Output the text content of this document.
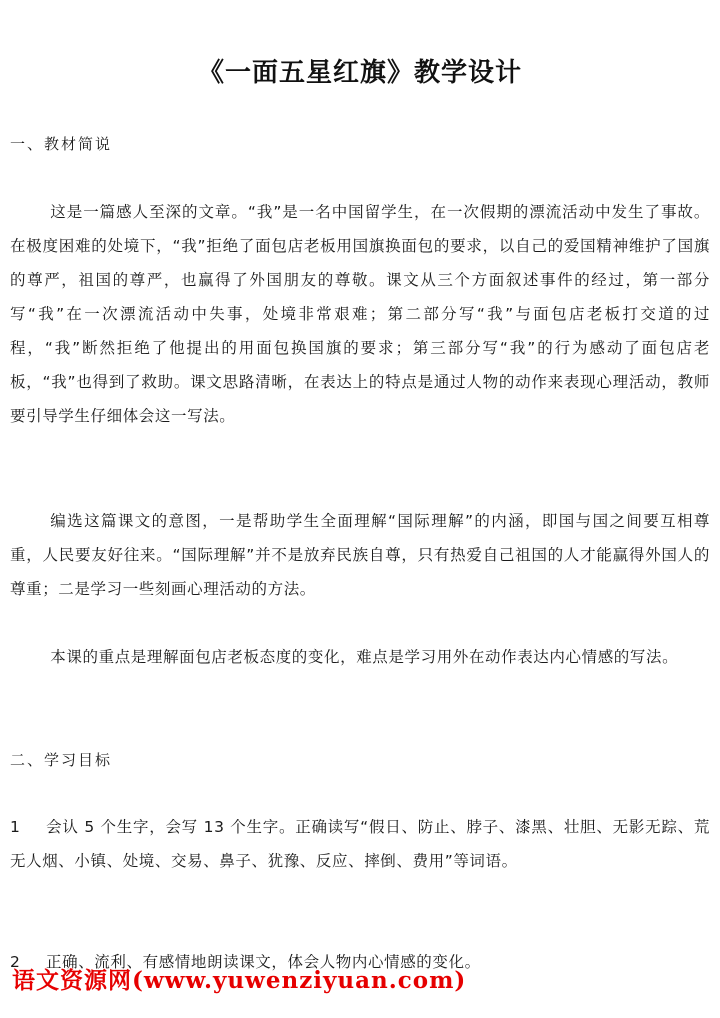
《一面五星红旗》教学设计
一、教材简说
这是一篇感人至深的文章。“我”是一名中国留学生，在一次假期的漂流活动中发生了事故。在极度困难的处境下，“我”拒绝了面包店老板用国旗换面包的要求，以自己的爱国精神维护了国旗的尊严，祖国的尊严，也赢得了外国朋友的尊敬。课文从三个方面叙述事件的经过，第一部分写“我”在一次漂流活动中失事，处境非常艰难；第二部分写“我”与面包店老板打交道的过程，“我”断然拒绝了他提出的用面包换国旗的要求；第三部分写“我”的行为感动了面包店老板，“我”也得到了救助。课文思路清晰，在表达上的特点是通过人物的动作来表现心理活动，教师要引导学生仔细体会这一写法。
编选这篇课文的意图，一是帮助学生全面理解“国际理解”的内涵，即国与国之间要互相尊重，人民要友好往来。“国际理解”并不是放弃民族自尊，只有热爱自己祖国的人才能赢得外国人的尊重；二是学习一些刻画心理活动的方法。
本课的重点是理解面包店老板态度的变化，难点是学习用外在动作表达内心情感的写法。
二、学习目标
1 会认 5 个生字，会写 13 个生字。正确读写“假日、防止、脖子、漆黑、壮胆、无影无踪、荒无人烟、小镇、处境、交易、鼻子、犹豫、反应、摔倒、费用”等词语。
2 正确、流利、有感情地朗读课文，体会人物内心情感的变化。
语文资源网(www.yuwenziyuan.com)
